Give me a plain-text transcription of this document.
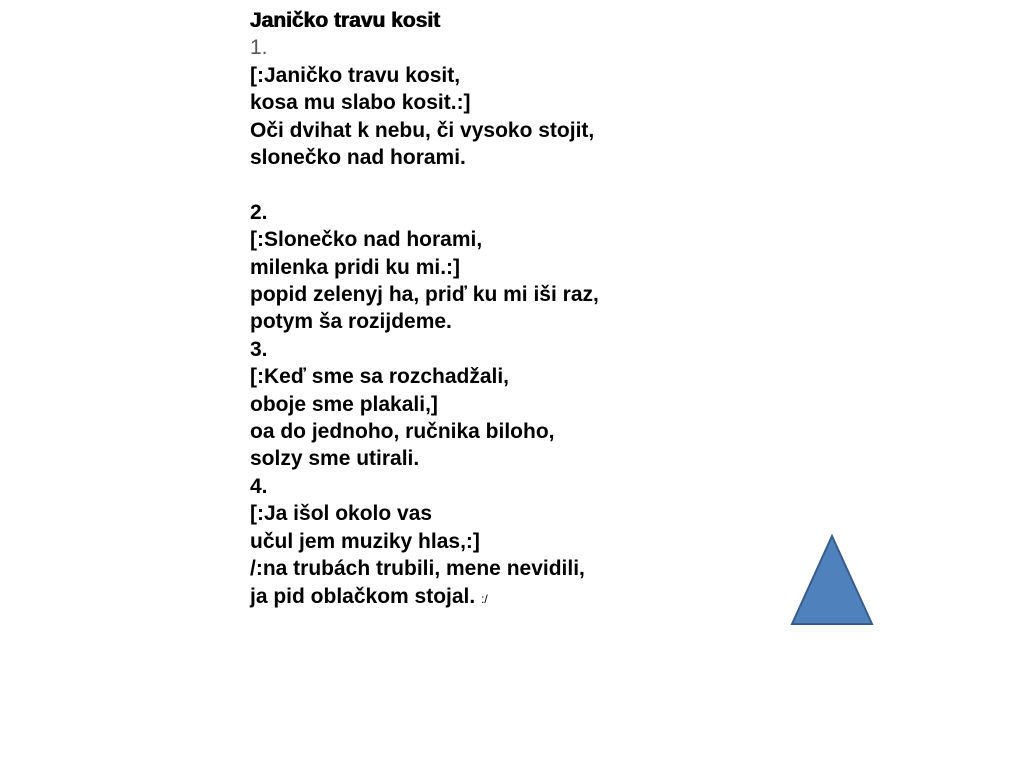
Janičko travu kosit
1.
[:Janičko travu kosit,
kosa mu slabo kosit.:]
Oči dvihat k nebu, či vysoko stojit,
slonečko nad horami.
2.
[:Slonečko nad horami,
milenka pridi ku mi.:]
popid zelenyj ha, priď ku mi iši raz,
potym ša rozijdeme.
3.
[:Keď sme sa rozchadžali,
oboje sme plakali,]
oa do jednoho, ručnika biloho,
solzy sme utirali.
4.
[:Ja išol okolo vas
učul jem muziky hlas,:]
/:na trubách trubili, mene nevidili,
ja pid oblačkom stojal. :/
